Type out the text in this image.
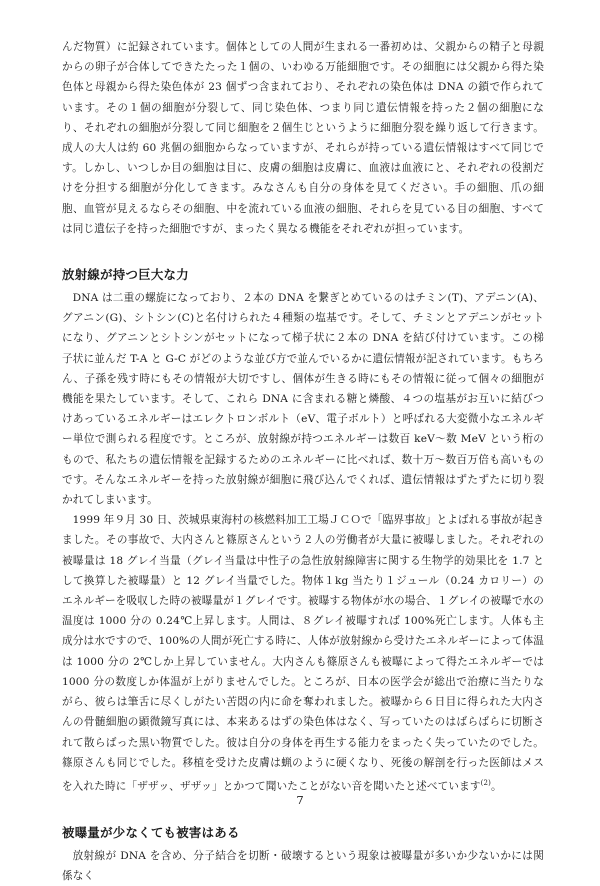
んだ物質）に記録されています。個体としての人間が生まれる一番初めは、父親からの精子と母親からの卵子が合体してできたたった１個の、いわゆる万能細胞です。その細胞には父親から得た染色体と母親から得た染色体が 23 個ずつ含まれており、それぞれの染色体は DNA の鎖で作られています。その１個の細胞が分裂して、同じ染色体、つまり同じ遺伝情報を持った２個の細胞になり、それぞれの細胞が分裂して同じ細胞を２個生じというように細胞分裂を繰り返して行きます。成人の大人は約 60 兆個の細胞からなっていますが、それらが持っている遺伝情報はすべて同じです。しかし、いつしか目の細胞は目に、皮膚の細胞は皮膚に、血液は血液にと、それぞれの役割だけを分担する細胞が分化してきます。みなさんも自分の身体を見てください。手の細胞、爪の細胞、血管が見えるならその細胞、中を流れている血液の細胞、それらを見ている目の細胞、すべては同じ遺伝子を持った細胞ですが、まったく異なる機能をそれぞれが担っています。

放射線が持つ巨大な力

DNA は二重の螺旋になっており、２本の DNA を繋ぎとめているのはチミン(T)、アデニン(A)、グアニン(G)、シトシン(C)と名付けられた４種類の塩基です。そして、チミンとアデニンがセットになり、グアニンとシトシンがセットになって梯子状に２本の DNA を結び付けています。この梯子状に並んだ T-A と G-C がどのような並び方で並んでいるかに遺伝情報が記されています。もちろん、子孫を残す時にもその情報が大切ですし、個体が生きる時にもその情報に従って個々の細胞が機能を果たしています。そして、これら DNA に含まれる糖と燐酸、４つの塩基がお互いに結びつけあっているエネルギーはエレクトロンボルト（eV、電子ボルト）と呼ばれる大変微小なエネルギー単位で測られる程度です。ところが、放射線が持つエネルギーは数百 keV〜数 MeV という桁のもので、私たちの遺伝情報を記録するためのエネルギーに比べれば、数十万〜数百万倍も高いものです。そんなエネルギーを持った放射線が細胞に飛び込んでくれば、遺伝情報はずたずたに切り裂かれてしまいます。

1999 年９月 30 日、茨城県東海村の核燃料加工工場ＪＣＯで「臨界事故」とよばれる事故が起きました。その事故で、大内さんと篠原さんという２人の労働者が大量に被曝しました。それぞれの被曝量は 18 グレイ当量（グレイ当量は中性子の急性放射線障害に関する生物学的効果比を 1.7 として換算した被曝量）と 12 グレイ当量でした。物体１kg 当たり１ジュール（0.24 カロリー）のエネルギーを吸収した時の被曝量が１グレイです。被曝する物体が水の場合、１グレイの被曝で水の温度は 1000 分の 0.24℃上昇します。人間は、８グレイ被曝すれば 100%死亡します。人体も主成分は水ですので、100%の人間が死亡する時に、人体が放射線から受けたエネルギーによって体温は 1000 分の 2℃しか上昇していません。大内さんも篠原さんも被曝によって得たエネルギーでは 1000 分の数度しか体温が上がりませんでした。ところが、日本の医学会が総出で治療に当たりながら、彼らは筆舌に尽くしがたい苦悶の内に命を奪われました。被曝から６日目に得られた大内さんの骨髄細胞の顕微鏡写真には、本来あるはずの染色体はなく、写っていたのはばらばらに切断されて散らばった黒い物質でした。彼は自分の身体を再生する能力をまったく失っていたのでした。篠原さんも同じでした。移植を受けた皮膚は蝋のように硬くなり、死後の解剖を行った医師はメスを入れた時に「ザザッ、ザザッ」とかつて聞いたことがない音を聞いたと述べています$^{(2)}$。

被曝量が少なくても被害はある

放射線が DNA を含め、分子結合を切断・破壊するという現象は被曝量が多いか少ないかには関係なく

7
